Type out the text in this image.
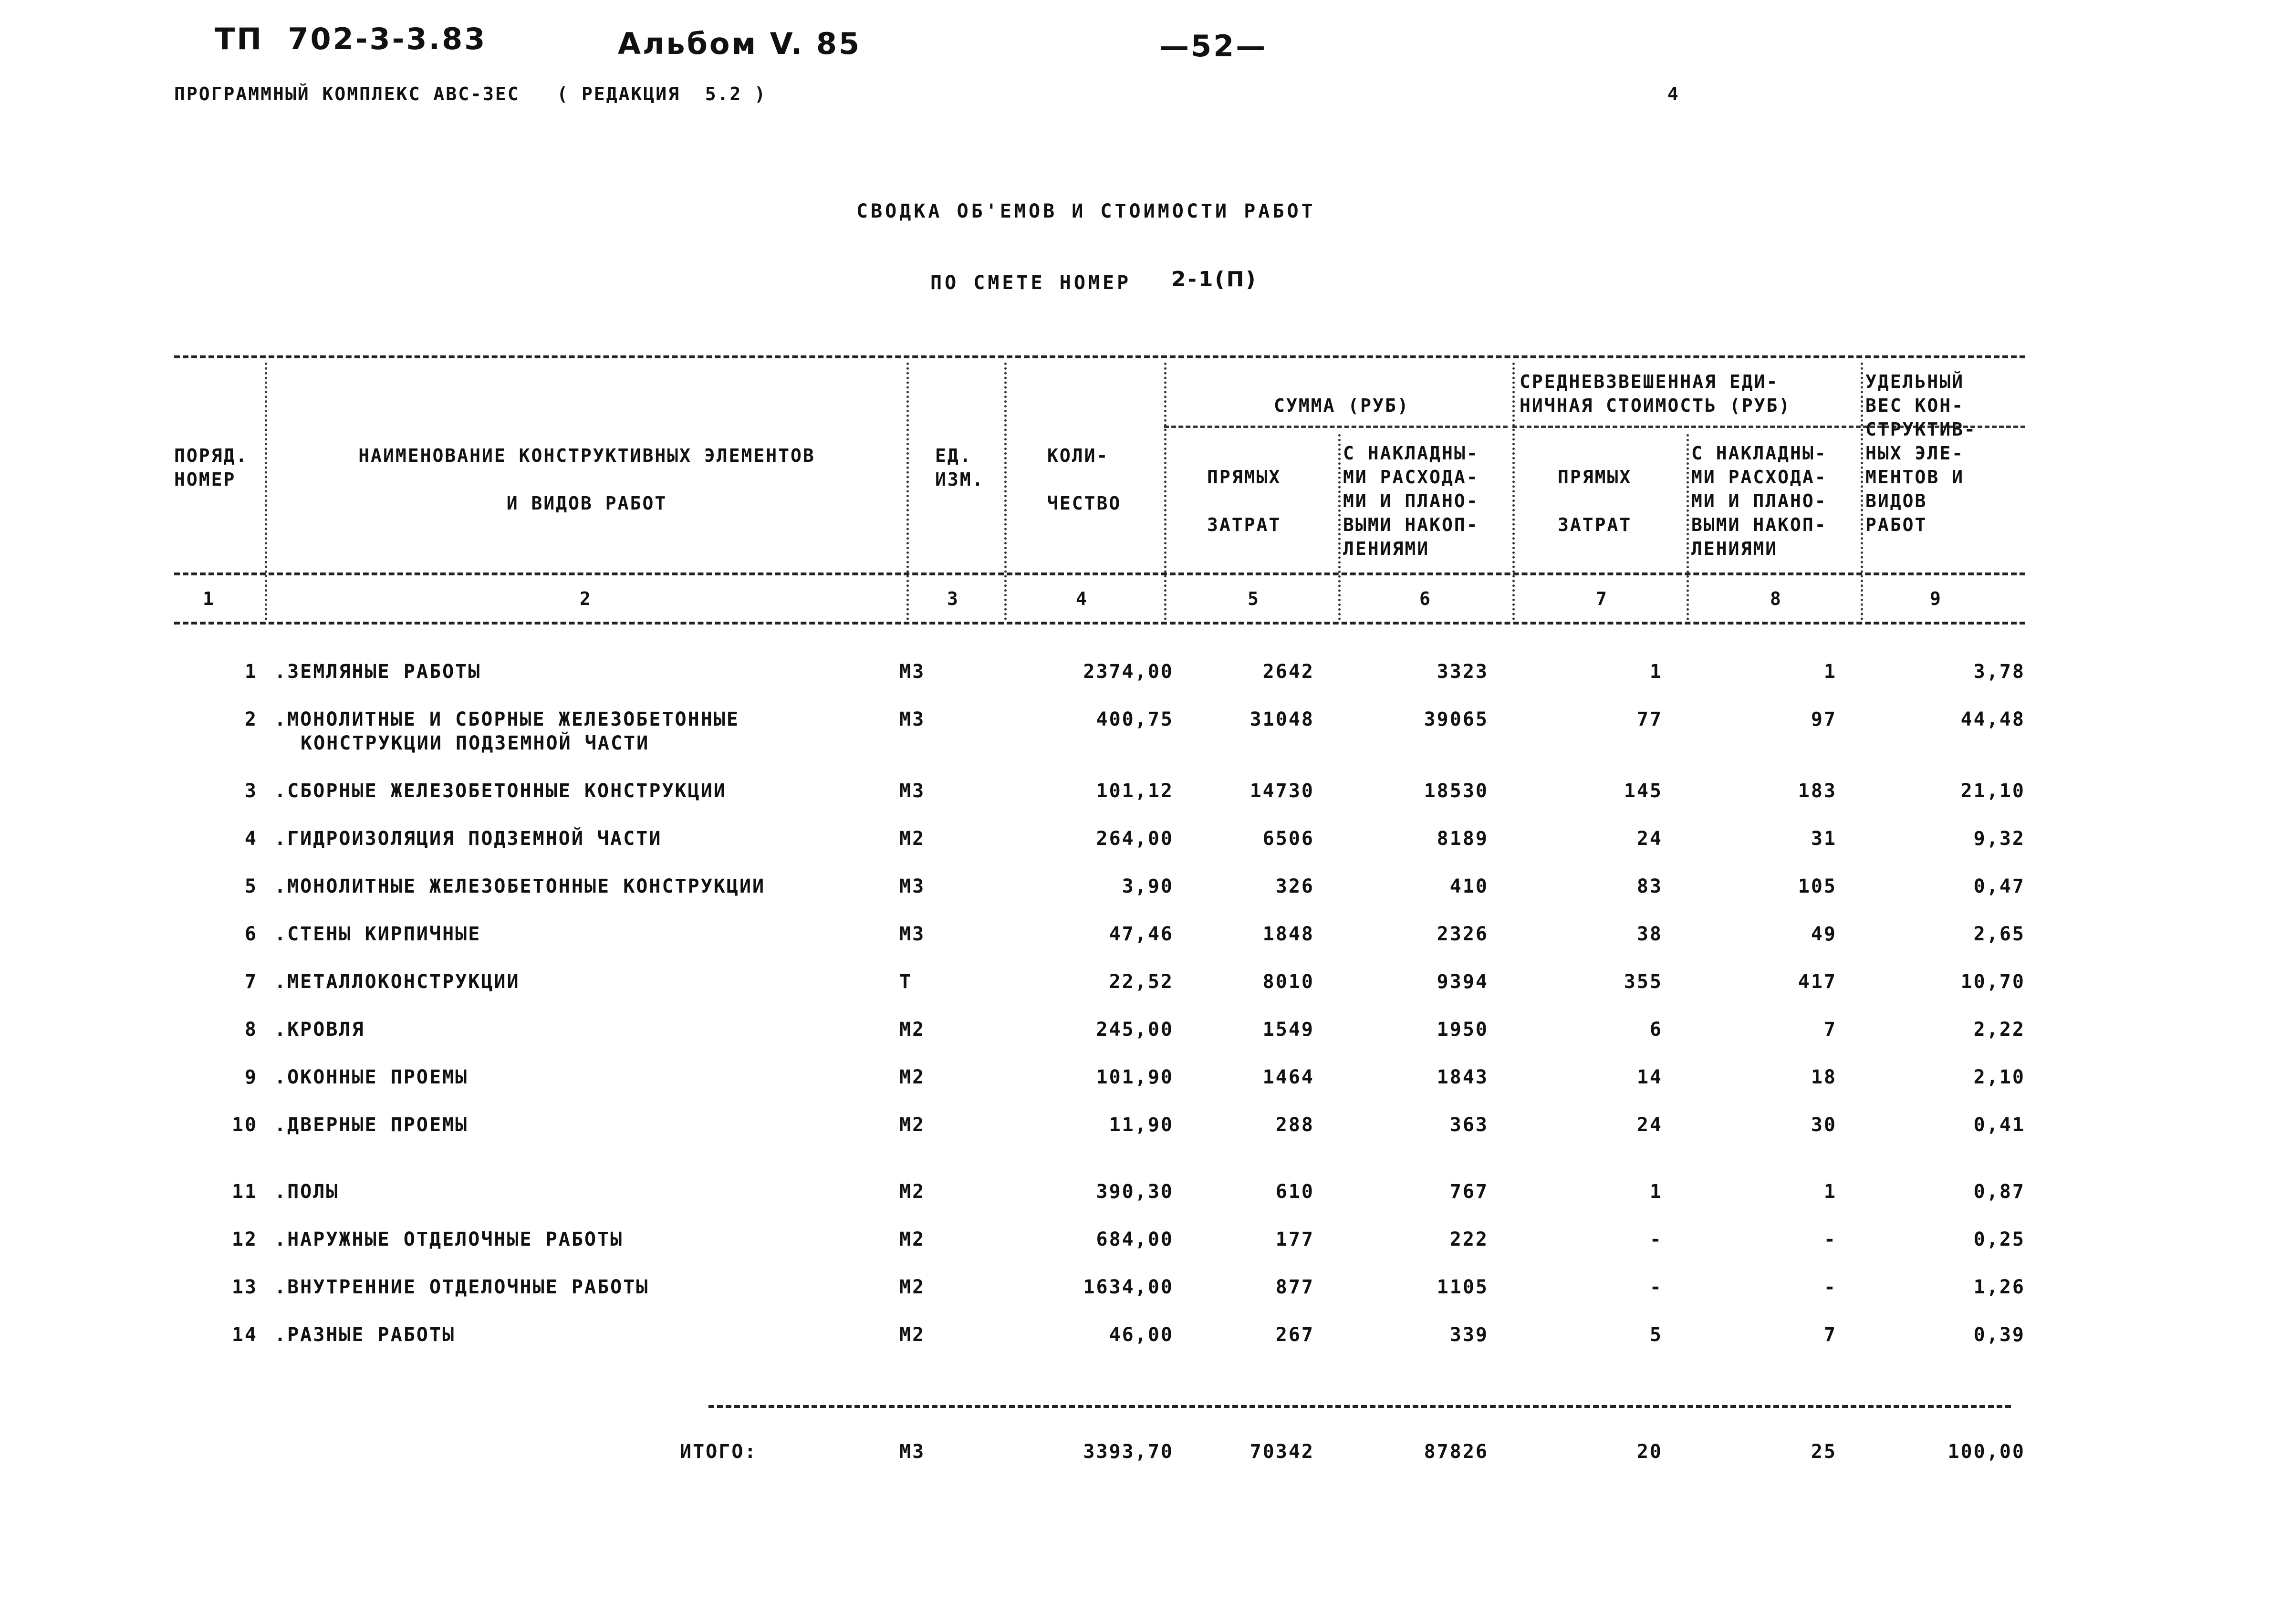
ТП  702-3-3.83	Альбом V. 85	—52—
ПРОГРАММНЫЙ КОМПЛЕКС АВС-3ЕС   ( РЕДАКЦИЯ  5.2 )	4
СВОДКА ОБ'ЕМОВ И СТОИМОСТИ РАБОТ
ПО СМЕТЕ НОМЕР 2-1(П)
ПОРЯД.
НОМЕР
НАИМЕНОВАНИЕ КОНСТРУКТИВНЫХ ЭЛЕМЕНТОВ

И ВИДОВ РАБОТ
ЕД.
ИЗМ.
КОЛИ-

ЧЕСТВО
СУММА (РУБ)
ПРЯМЫХ

ЗАТРАТ
С НАКЛАДНЫ-
МИ РАСХОДА-
МИ И ПЛАНО-
ВЫМИ НАКОП-
ЛЕНИЯМИ
СРЕДНЕВЗВЕШЕННАЯ ЕДИ-
НИЧНАЯ СТОИМОСТЬ (РУБ)
ПРЯМЫХ

ЗАТРАТ
С НАКЛАДНЫ-
МИ РАСХОДА-
МИ И ПЛАНО-
ВЫМИ НАКОП-
ЛЕНИЯМИ
УДЕЛЬНЫЙ
ВЕС КОН-
СТРУКТИВ-
НЫХ ЭЛЕ-
МЕНТОВ И
ВИДОВ
РАБОТ
1	2	3	4	5	6	7	8	9
1 .ЗЕМЛЯНЫЕ РАБОТЫ	М3	2374,00	2642	3323	1	1	3,78
2 .МОНОЛИТНЫЕ И СБОРНЫЕ ЖЕЛЕЗОБЕТОННЫЕ
КОНСТРУКЦИИ ПОДЗЕМНОЙ ЧАСТИ
М3	400,75	31048	39065	77	97	44,48
3 .СБОРНЫЕ ЖЕЛЕЗОБЕТОННЫЕ КОНСТРУКЦИИ	М3	101,12	14730	18530	145	183	21,10
4 .ГИДРОИЗОЛЯЦИЯ ПОДЗЕМНОЙ ЧАСТИ	М2	264,00	6506	8189	24	31	9,32
5 .МОНОЛИТНЫЕ ЖЕЛЕЗОБЕТОННЫЕ КОНСТРУКЦИИ	М3	3,90	326	410	83	105	0,47
6 .СТЕНЫ КИРПИЧНЫЕ	М3	47,46	1848	2326	38	49	2,65
7 .МЕТАЛЛОКОНСТРУКЦИИ	Т	22,52	8010	9394	355	417	10,70
8 .КРОВЛЯ	М2	245,00	1549	1950	6	7	2,22
9 .ОКОННЫЕ ПРОЕМЫ	М2	101,90	1464	1843	14	18	2,10
10 .ДВЕРНЫЕ ПРОЕМЫ	М2	11,90	288	363	24	30	0,41
11 .ПОЛЫ	М2	390,30	610	767	1	1	0,87
12 .НАРУЖНЫЕ ОТДЕЛОЧНЫЕ РАБОТЫ	М2	684,00	177	222	-	-	0,25
13 .ВНУТРЕННИЕ ОТДЕЛОЧНЫЕ РАБОТЫ	М2	1634,00	877	1105	-	-	1,26
14 .РАЗНЫЕ РАБОТЫ	М2	46,00	267	339	5	7	0,39
ИТОГО:	М3	3393,70	70342	87826	20	25	100,00
